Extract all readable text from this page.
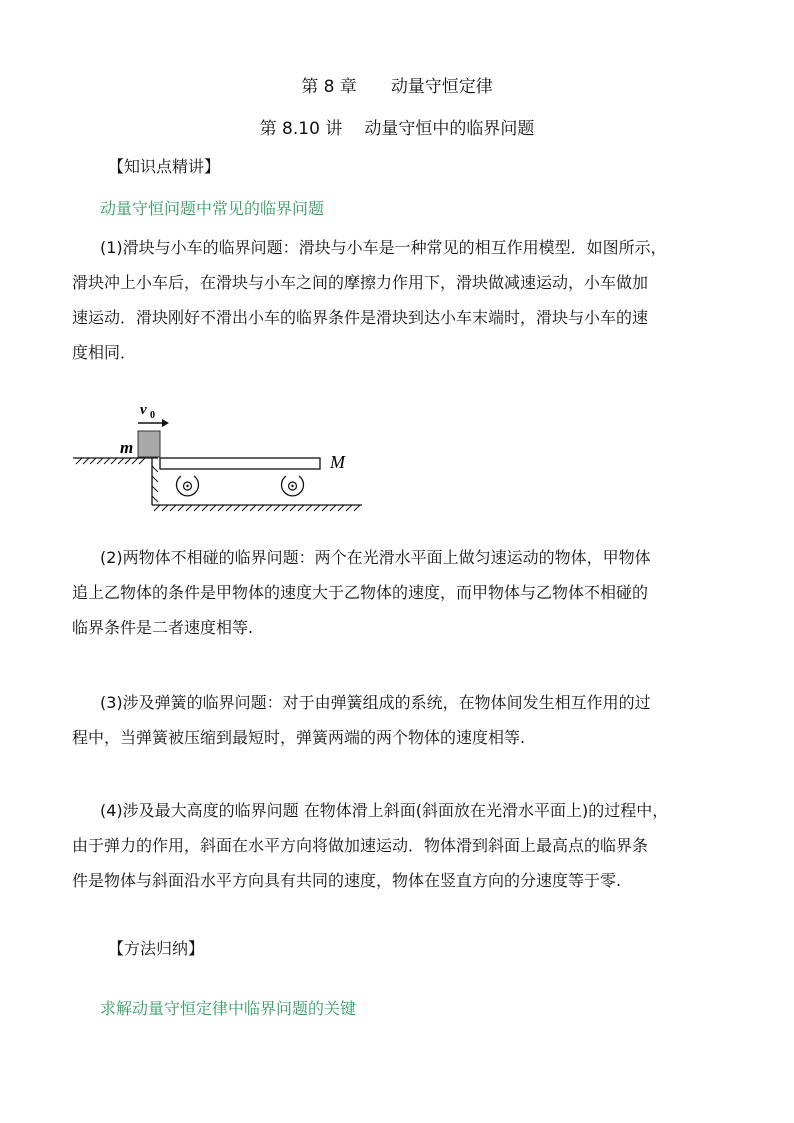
第 8 章 动量守恒定律
第 8.10 讲 动量守恒中的临界问题
【知识点精讲】
动量守恒问题中常见的临界问题

(1)滑块与小车的临界问题：滑块与小车是一种常见的相互作用模型．如图所示，

滑块冲上小车后，在滑块与小车之间的摩擦力作用下，滑块做减速运动，小车做加

速运动．滑块刚好不滑出小车的临界条件是滑块到达小车末端时，滑块与小车的速

度相同．

v 0
m
M

(2)两物体不相碰的临界问题：两个在光滑水平面上做匀速运动的物体，甲物体

追上乙物体的条件是甲物体的速度大于乙物体的速度，而甲物体与乙物体不相碰的

临界条件是二者速度相等.

(3)涉及弹簧的临界问题：对于由弹簧组成的系统，在物体间发生相互作用的过

程中，当弹簧被压缩到最短时，弹簧两端的两个物体的速度相等.

(4)涉及最大高度的临界问题 在物体滑上斜面(斜面放在光滑水平面上)的过程中，

由于弹力的作用，斜面在水平方向将做加速运动．物体滑到斜面上最高点的临界条

件是物体与斜面沿水平方向具有共同的速度，物体在竖直方向的分速度等于零.

【方法归纳】
求解动量守恒定律中临界问题的关键
